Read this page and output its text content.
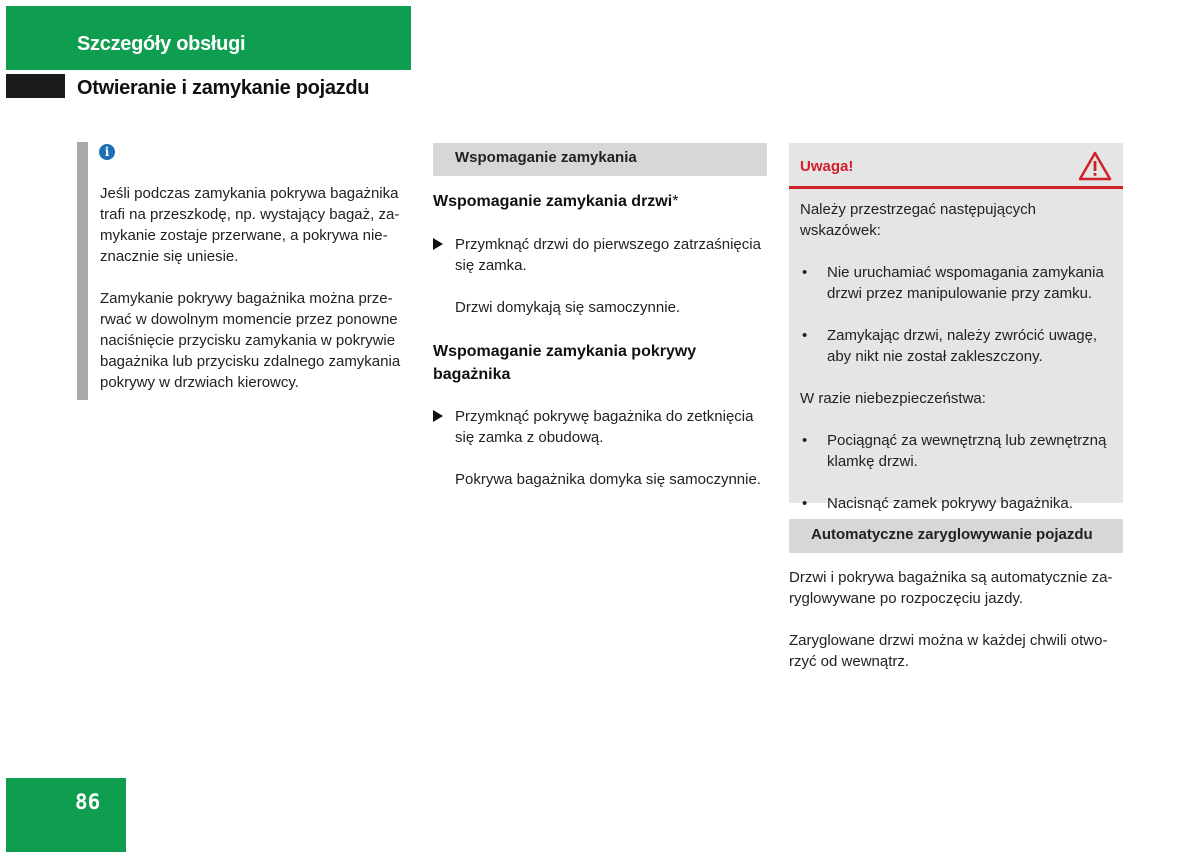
Szczegóły obsługi
Otwieranie i zamykanie pojazdu
i

Jeśli podczas zamykania pokrywa bagażnika

trafi na przeszkodę, np. wystający bagaż, za-

mykanie zostaje przerwane, a pokrywa nie-

znacznie się uniesie.

Zamykanie pokrywy bagażnika można prze-

rwać w dowolnym momencie przez ponowne

naciśnięcie przycisku zamykania w pokrywie

bagażnika lub przycisku zdalnego zamykania

pokrywy w drzwiach kierowcy.

Wspomaganie zamykania

Wspomaganie zamykania drzwi*

Przymknąć drzwi do pierwszego zatrzaśnięcia

się zamka.

Drzwi domykają się samoczynnie.

Wspomaganie zamykania pokrywy
bagażnika

Przymknąć pokrywę bagażnika do zetknięcia

się zamka z obudową.

Pokrywa bagażnika domyka się samoczynnie.

Uwaga!

Należy przestrzegać następujących wskazówek:

• Nie uruchamiać wspomagania zamykania

drzwi przez manipulowanie przy zamku.

• Zamykając drzwi, należy zwrócić uwagę,

aby nikt nie został zakleszczony.

W razie niebezpieczeństwa:

• Pociągnąć za wewnętrzną lub zewnętrzną

klamkę drzwi.

• Nacisnąć zamek pokrywy bagażnika.

Automatyczne zaryglowywanie pojazdu

Drzwi i pokrywa bagażnika są automatycznie za-

ryglowywane po rozpoczęciu jazdy.

Zaryglowane drzwi można w każdej chwili otwo-

rzyć od wewnątrz.

86
